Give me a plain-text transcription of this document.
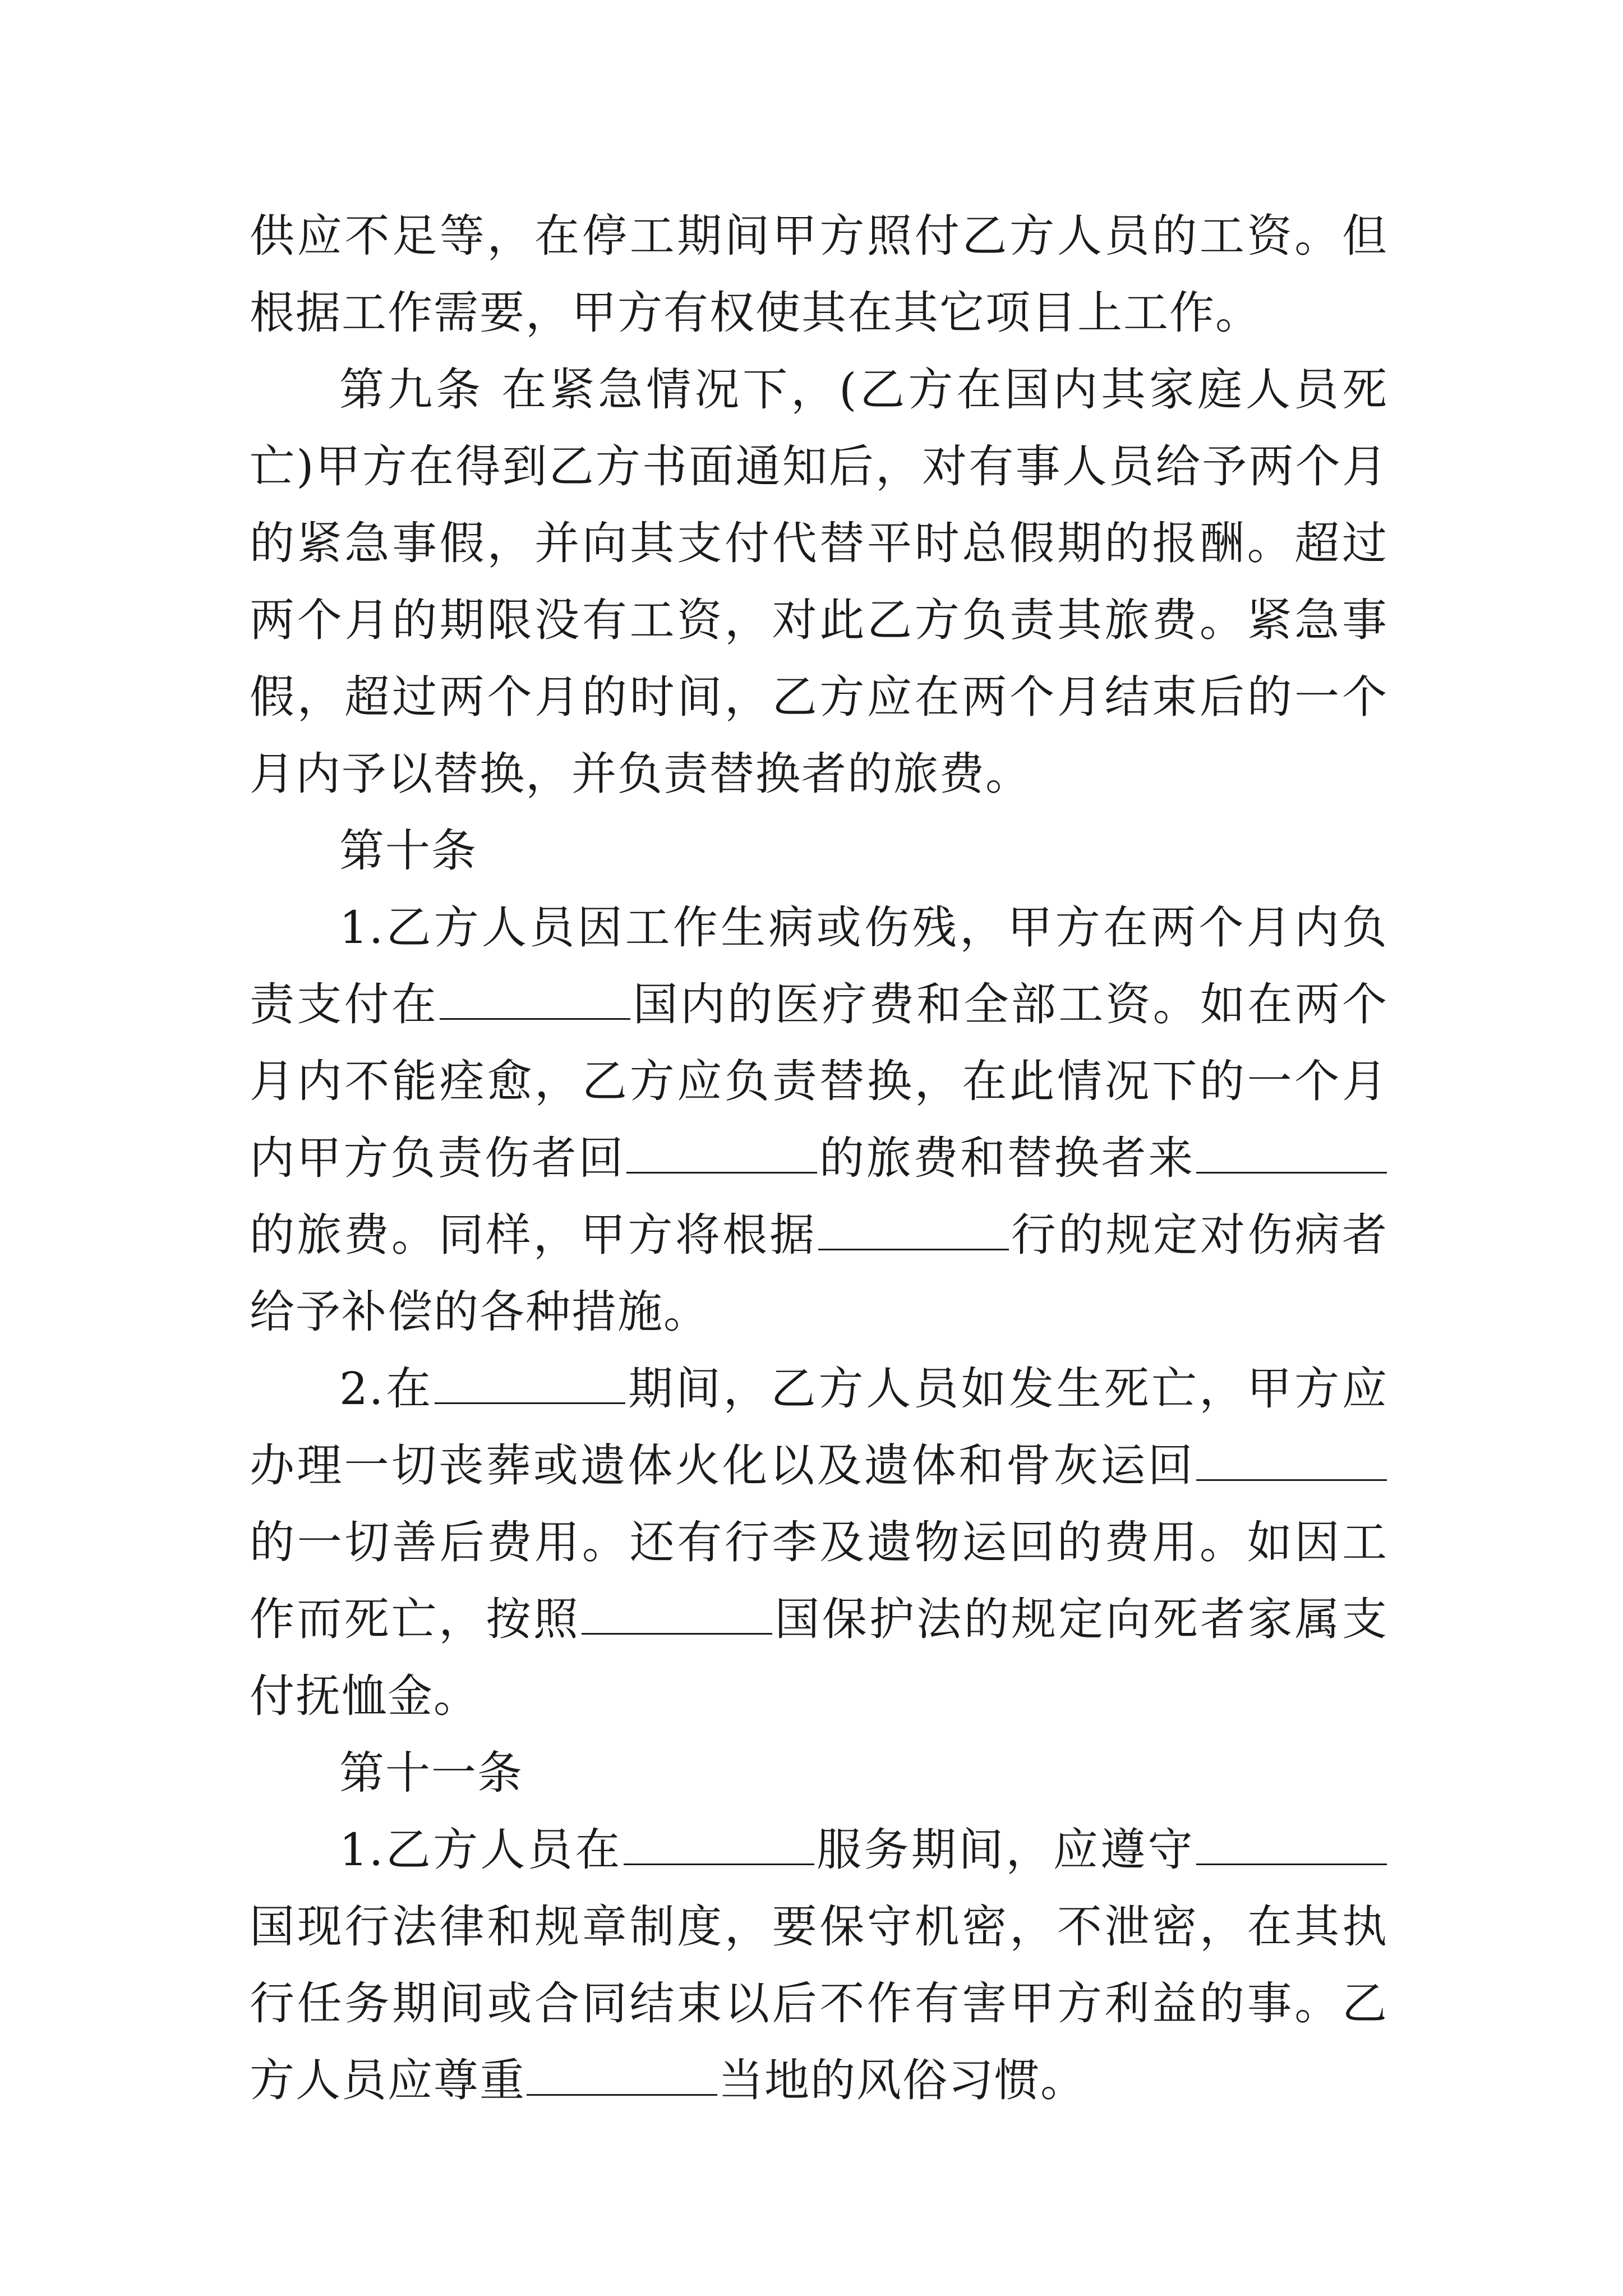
供应不足等，在停工期间甲方照付乙方人员的工资。但根据工作需要，甲方有权使其在其它项目上工作。

第九条 在紧急情况下，(乙方在国内其家庭人员死亡)甲方在得到乙方书面通知后，对有事人员给予两个月的紧急事假，并向其支付代替平时总假期的报酬。超过两个月的期限没有工资，对此乙方负责其旅费。紧急事假，超过两个月的时间，乙方应在两个月结束后的一个月内予以替换，并负责替换者的旅费。

第十条

1.乙方人员因工作生病或伤残，甲方在两个月内负责支付在	国内的医疗费和全部工资。如在两个月内不能痊愈，乙方应负责替换，在此情况下的一个月内甲方负责伤者回	的旅费和替换者来的旅费。同样，甲方将根据	行的规定对伤病者给予补偿的各种措施。

2.在	期间，乙方人员如发生死亡，甲方应办理一切丧葬或遗体火化以及遗体和骨灰运回的一切善后费用。还有行李及遗物运回的费用。如因工作而死亡，按照	国保护法的规定向死者家属支付抚恤金。

第十一条

1.乙方人员在	服务期间，应遵守国现行法律和规章制度，要保守机密，不泄密，在其执行任务期间或合同结束以后不作有害甲方利益的事。乙方人员应尊重	当地的风俗习惯。
